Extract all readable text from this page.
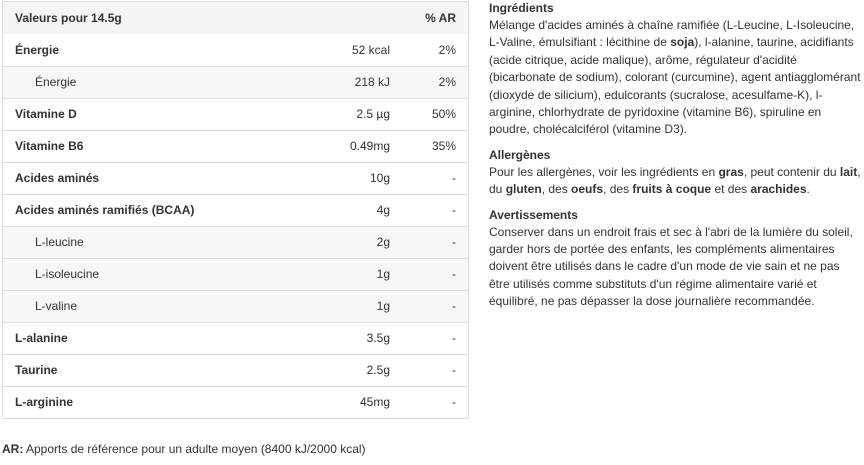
Valeurs pour 14.5g		% AR
Énergie	52 kcal	2%
Énergie	218 kJ	2%
Vitamine D	2.5 µg	50%
Vitamine B6	0.49mg	35%
Acides aminés	10g	-
Acides aminés ramifiés (BCAA)	4g	-
L-leucine	2g	-
L-isoleucine	1g	-
L-valine	1g	-
L-alanine	3.5g	-
Taurine	2.5g	-
L-arginine	45mg	-
AR: Apports de référence pour un adulte moyen (8400 kJ/2000 kcal)
Ingrédients

Mélange d'acides aminés à chaîne ramifiée (L-Leucine, L-Isoleucine, L-Valine, émulsifiant : lécithine de soja), l-alanine, taurine, acidifiants (acide citrique, acide malique), arôme, régulateur d'acidité (bicarbonate de sodium), colorant (curcumine), agent antiagglomérant (dioxyde de silicium), edulcorants (sucralose, acesulfame-K), l-arginine, chlorhydrate de pyridoxine (vitamine B6), spiruline en poudre, cholécalciférol (vitamine D3).

Allergènes

Pour les allergènes, voir les ingrédients en gras, peut contenir du lait, du gluten, des oeufs, des fruits à coque et des arachides.

Avertissements

Conserver dans un endroit frais et sec à l'abri de la lumière du soleil, garder hors de portée des enfants, les compléments alimentaires doivent être utilisés dans le cadre d'un mode de vie sain et ne pas être utilisés comme substituts d'un régime alimentaire varié et équilibré, ne pas dépasser la dose journalière recommandée.
